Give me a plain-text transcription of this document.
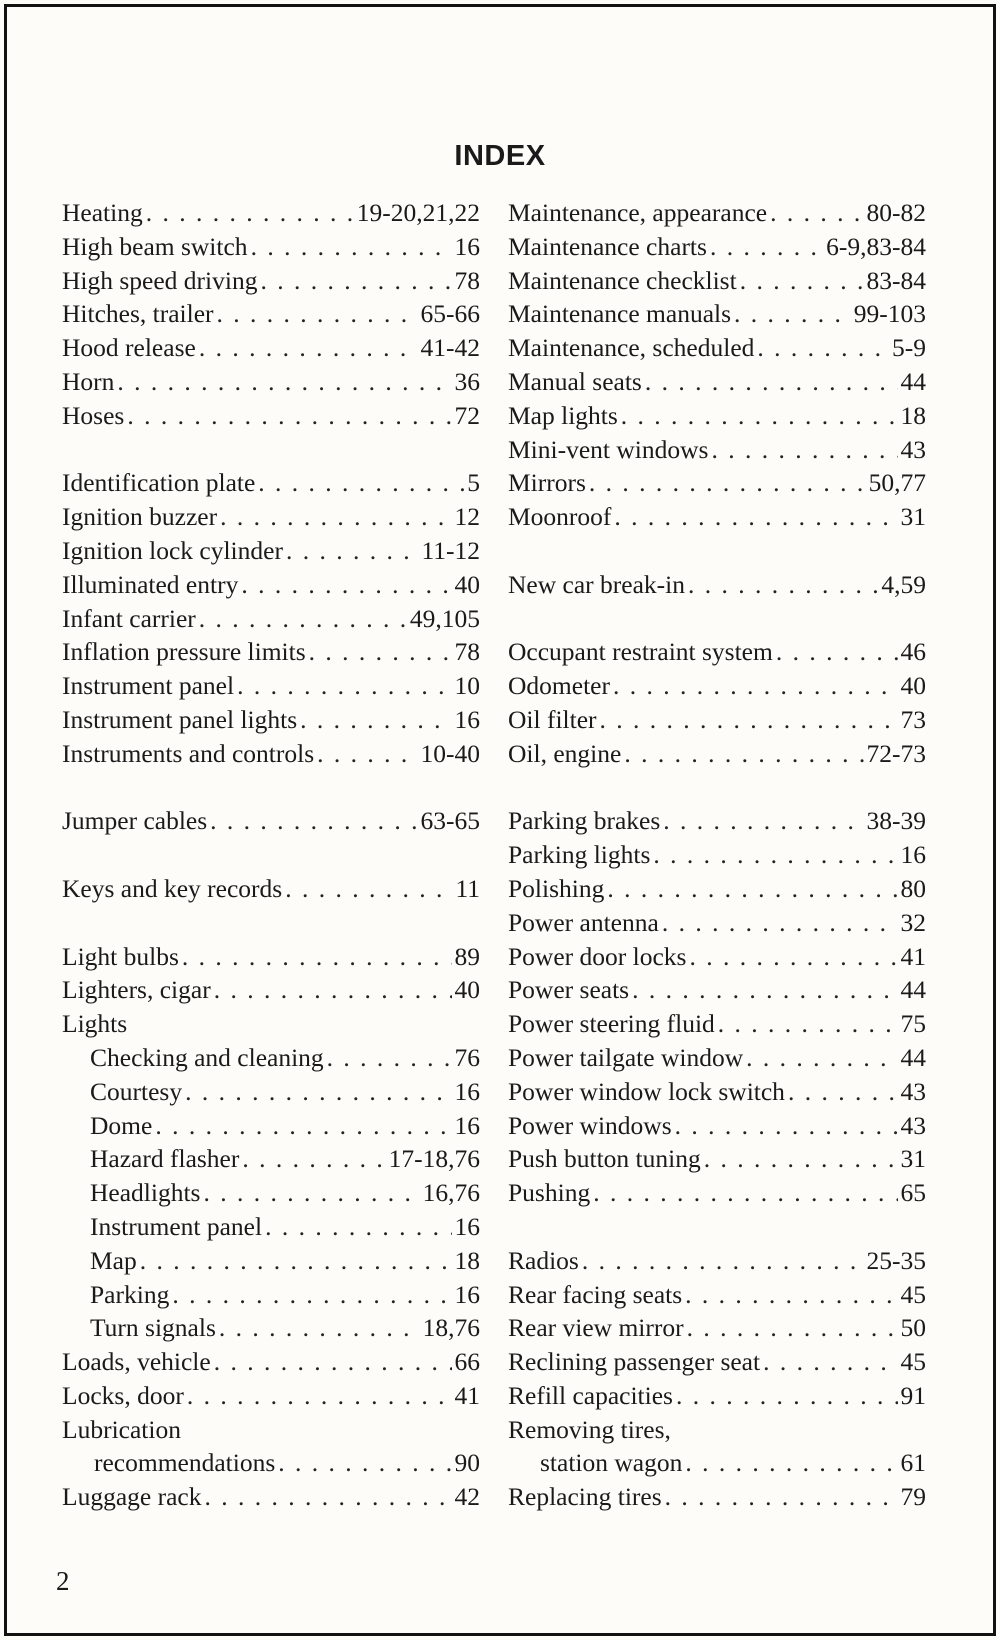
INDEX
Heating . . .	19-20,21,22
High beam switch . . .	16
High speed driving . . .	78
Hitches, trailer . . .	65-66
Hood release . . .	41-42
Horn . . .	36
Hoses . . .	72
Identification plate . . .	5
Ignition buzzer . . .	12
Ignition lock cylinder . . .	11-12
Illuminated entry . . .	40
Infant carrier . . .	49,105
Inflation pressure limits . . .	78
Instrument panel . . .	10
Instrument panel lights . . .	16
Instruments and controls . . .	10-40
Jumper cables . . .	63-65
Keys and key records . . .	11
Light bulbs . . .	89
Lighters, cigar . . .	40
Lights
Checking and cleaning . . .	76
Courtesy . . .	16
Dome . . .	16
Hazard flasher . . .	17-18,76
Headlights . . .	16,76
Instrument panel . . .	16
Map . . .	18
Parking . . .	16
Turn signals . . .	18,76
Loads, vehicle . . .	66
Locks, door . . .	41
Lubrication
recommendations . . .	90
Luggage rack . . .	42
Maintenance, appearance . . .	80-82
Maintenance charts . . .	6-9,83-84
Maintenance checklist . . .	83-84
Maintenance manuals . . .	99-103
Maintenance, scheduled . . .	5-9
Manual seats . . .	44
Map lights . . .	18
Mini-vent windows . . .	43
Mirrors . . .	50,77
Moonroof . . .	31
New car break-in . . .	4,59
Occupant restraint system . . .	46
Odometer . . .	40
Oil filter . . .	73
Oil, engine . . .	72-73
Parking brakes . . .	38-39
Parking lights . . .	16
Polishing . . .	80
Power antenna . . .	32
Power door locks . . .	41
Power seats . . .	44
Power steering fluid . . .	75
Power tailgate window . . .	44
Power window lock switch . . .	43
Power windows . . .	43
Push button tuning . . .	31
Pushing . . .	65
Radios . . .	25-35
Rear facing seats . . .	45
Rear view mirror . . .	50
Reclining passenger seat . . .	45
Refill capacities . . .	91
Removing tires,
station wagon . . .	61
Replacing tires . . .	79
2
